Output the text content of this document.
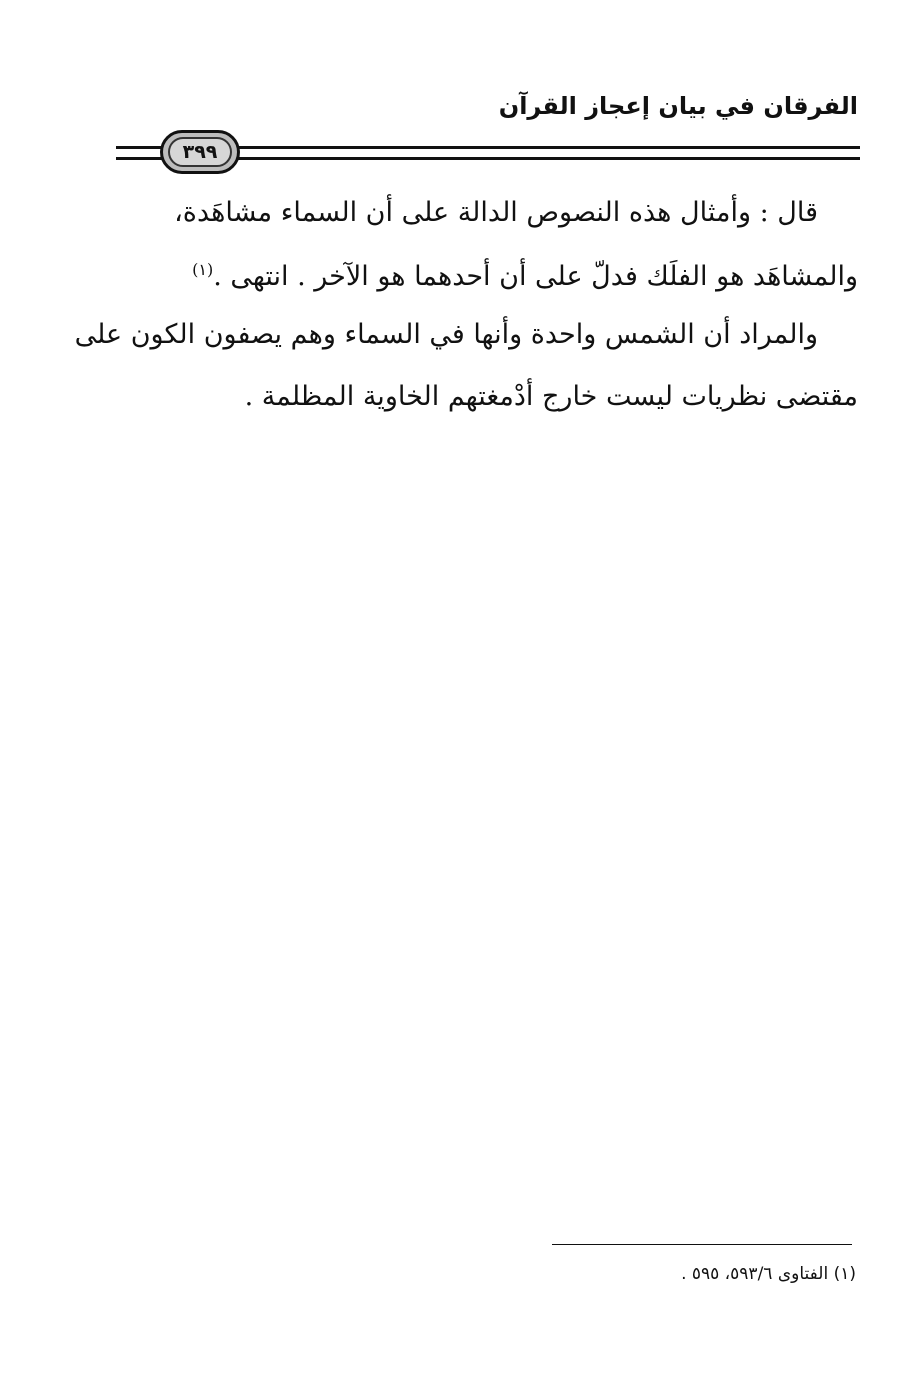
الفرقان في بيان إعجاز القرآن
٣٩٩
قال : وأمثال هذه النصوص الدالة على أن السماء مشاهَدة،
والمشاهَد هو الفلَك فدلّ على أن أحدهما هو الآخر . انتهى .$^{(١)}$
والمراد أن الشمس واحدة وأنها في السماء وهم يصفون الكون على
مقتضى نظريات ليست خارج أدْمغتهم الخاوية المظلمة .
(١) الفتاوى ٥٩٣/٦، ٥٩٥ .
